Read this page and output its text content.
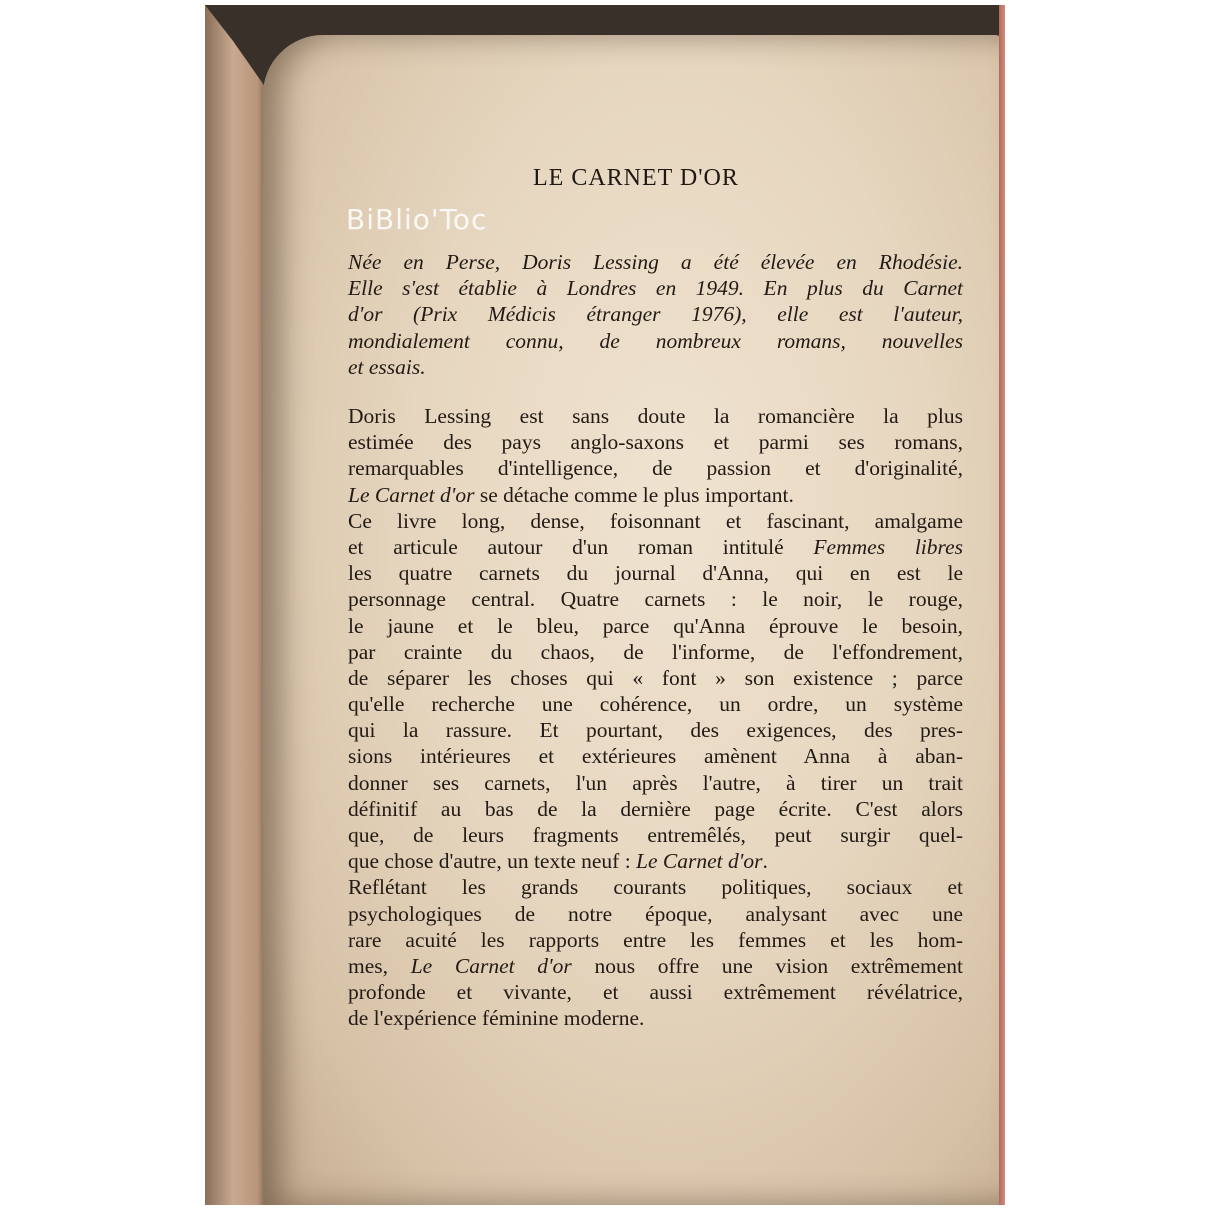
BiBlio'Toc
LE CARNET D'OR
Née en Perse, Doris Lessing a été élevée en Rhodésie.
Elle s'est établie à Londres en 1949. En plus du Carnet
d'or (Prix Médicis étranger 1976), elle est l'auteur,
mondialement connu, de nombreux romans, nouvelles
et essais.
Doris Lessing est sans doute la romancière la plus
estimée des pays anglo-saxons et parmi ses romans,
remarquables d'intelligence, de passion et d'originalité,
Le Carnet d'or se détache comme le plus important.
Ce livre long, dense, foisonnant et fascinant, amalgame
et articule autour d'un roman intitulé Femmes libres
les quatre carnets du journal d'Anna, qui en est le
personnage central. Quatre carnets : le noir, le rouge,
le jaune et le bleu, parce qu'Anna éprouve le besoin,
par crainte du chaos, de l'informe, de l'effondrement,
de séparer les choses qui « font » son existence ; parce
qu'elle recherche une cohérence, un ordre, un système
qui la rassure. Et pourtant, des exigences, des pres-
sions intérieures et extérieures amènent Anna à aban-
donner ses carnets, l'un après l'autre, à tirer un trait
définitif au bas de la dernière page écrite. C'est alors
que, de leurs fragments entremêlés, peut surgir quel-
que chose d'autre, un texte neuf : Le Carnet d'or.
Reflétant les grands courants politiques, sociaux et
psychologiques de notre époque, analysant avec une
rare acuité les rapports entre les femmes et les hom-
mes, Le Carnet d'or nous offre une vision extrêmement
profonde et vivante, et aussi extrêmement révélatrice,
de l'expérience féminine moderne.
